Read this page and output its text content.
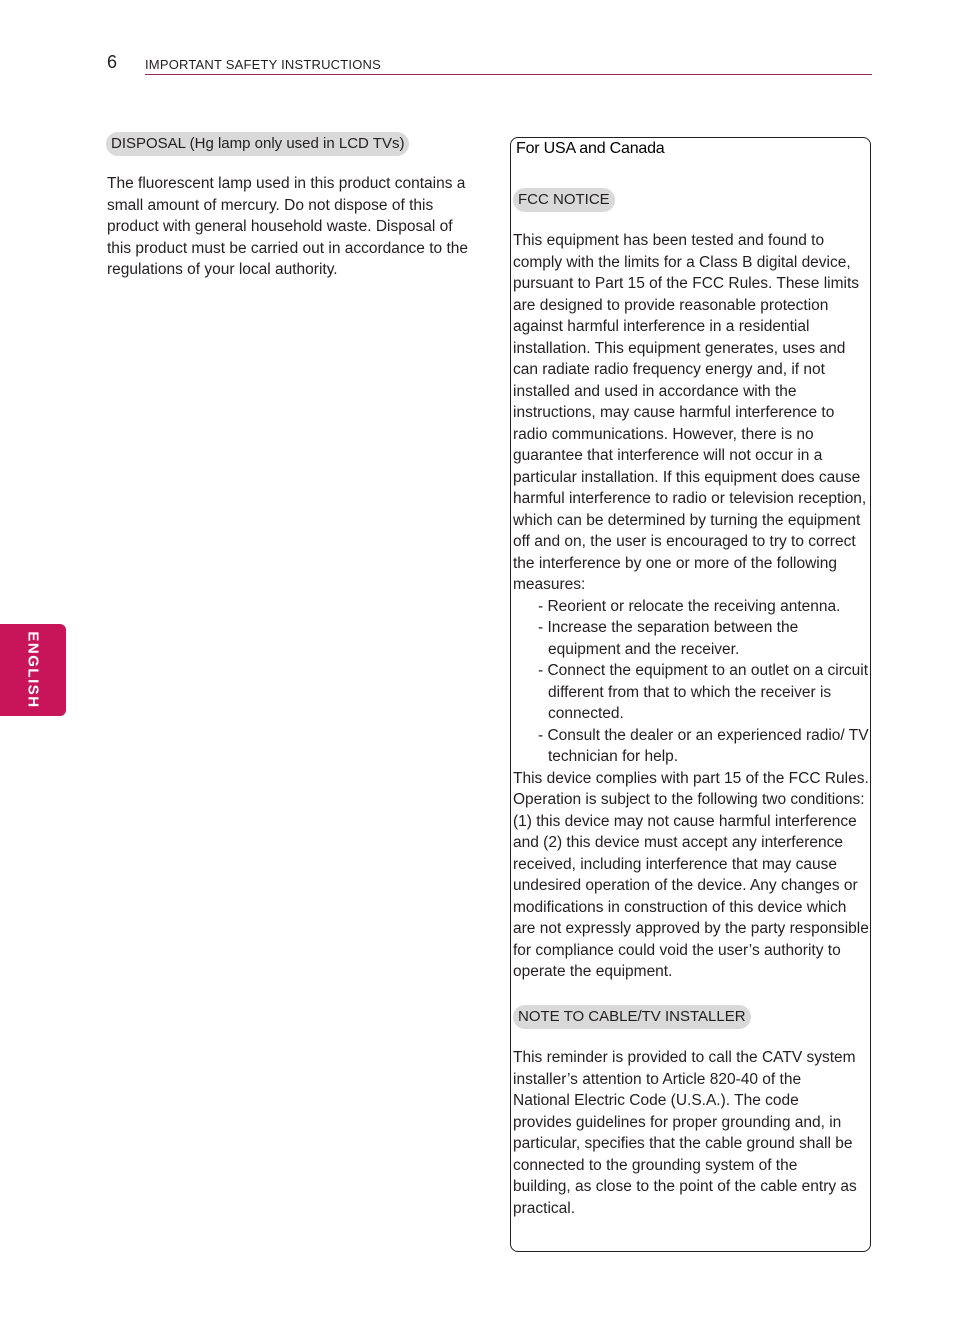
6 IMPORTANT SAFETY INSTRUCTIONS
ENGLISH
DISPOSAL (Hg lamp only used in LCD TVs)

The fluorescent lamp used in this product contains a small amount of mercury. Do not dispose of this product with general household waste. Disposal of this product must be carried out in accordance to the regulations of your local authority.

For USA and Canada
FCC NOTICE

This equipment has been tested and found to comply with the limits for a Class B digital device, pursuant to Part 15 of the FCC Rules. These limits are designed to provide reasonable protection against harmful interference in a residential installation. This equipment generates, uses and can radiate radio frequency energy and, if not installed and used in accordance with the instructions, may cause harmful interference to radio communications. However, there is no guarantee that interference will not occur in a particular installation. If this equipment does cause harmful interference to radio or television reception, which can be determined by turning the equipment off and on, the user is encouraged to try to correct the interference by one or more of the following measures:

- Reorient or relocate the receiving antenna.
- Increase the separation between the equipment and the receiver.
- Connect the equipment to an outlet on a circuit different from that to which the receiver is connected.
- Consult the dealer or an experienced radio/ TV technician for help.

This device complies with part 15 of the FCC Rules. Operation is subject to the following two conditions: (1) this device may not cause harmful interference and (2) this device must accept any interference received, including interference that may cause undesired operation of the device. Any changes or modifications in construction of this device which are not expressly approved by the party responsible for compliance could void the user’s authority to operate the equipment.

NOTE TO CABLE/TV INSTALLER

This reminder is provided to call the CATV system installer’s attention to Article 820-40 of the National Electric Code (U.S.A.). The code provides guidelines for proper grounding and, in particular, specifies that the cable ground shall be connected to the grounding system of the building, as close to the point of the cable entry as practical.
